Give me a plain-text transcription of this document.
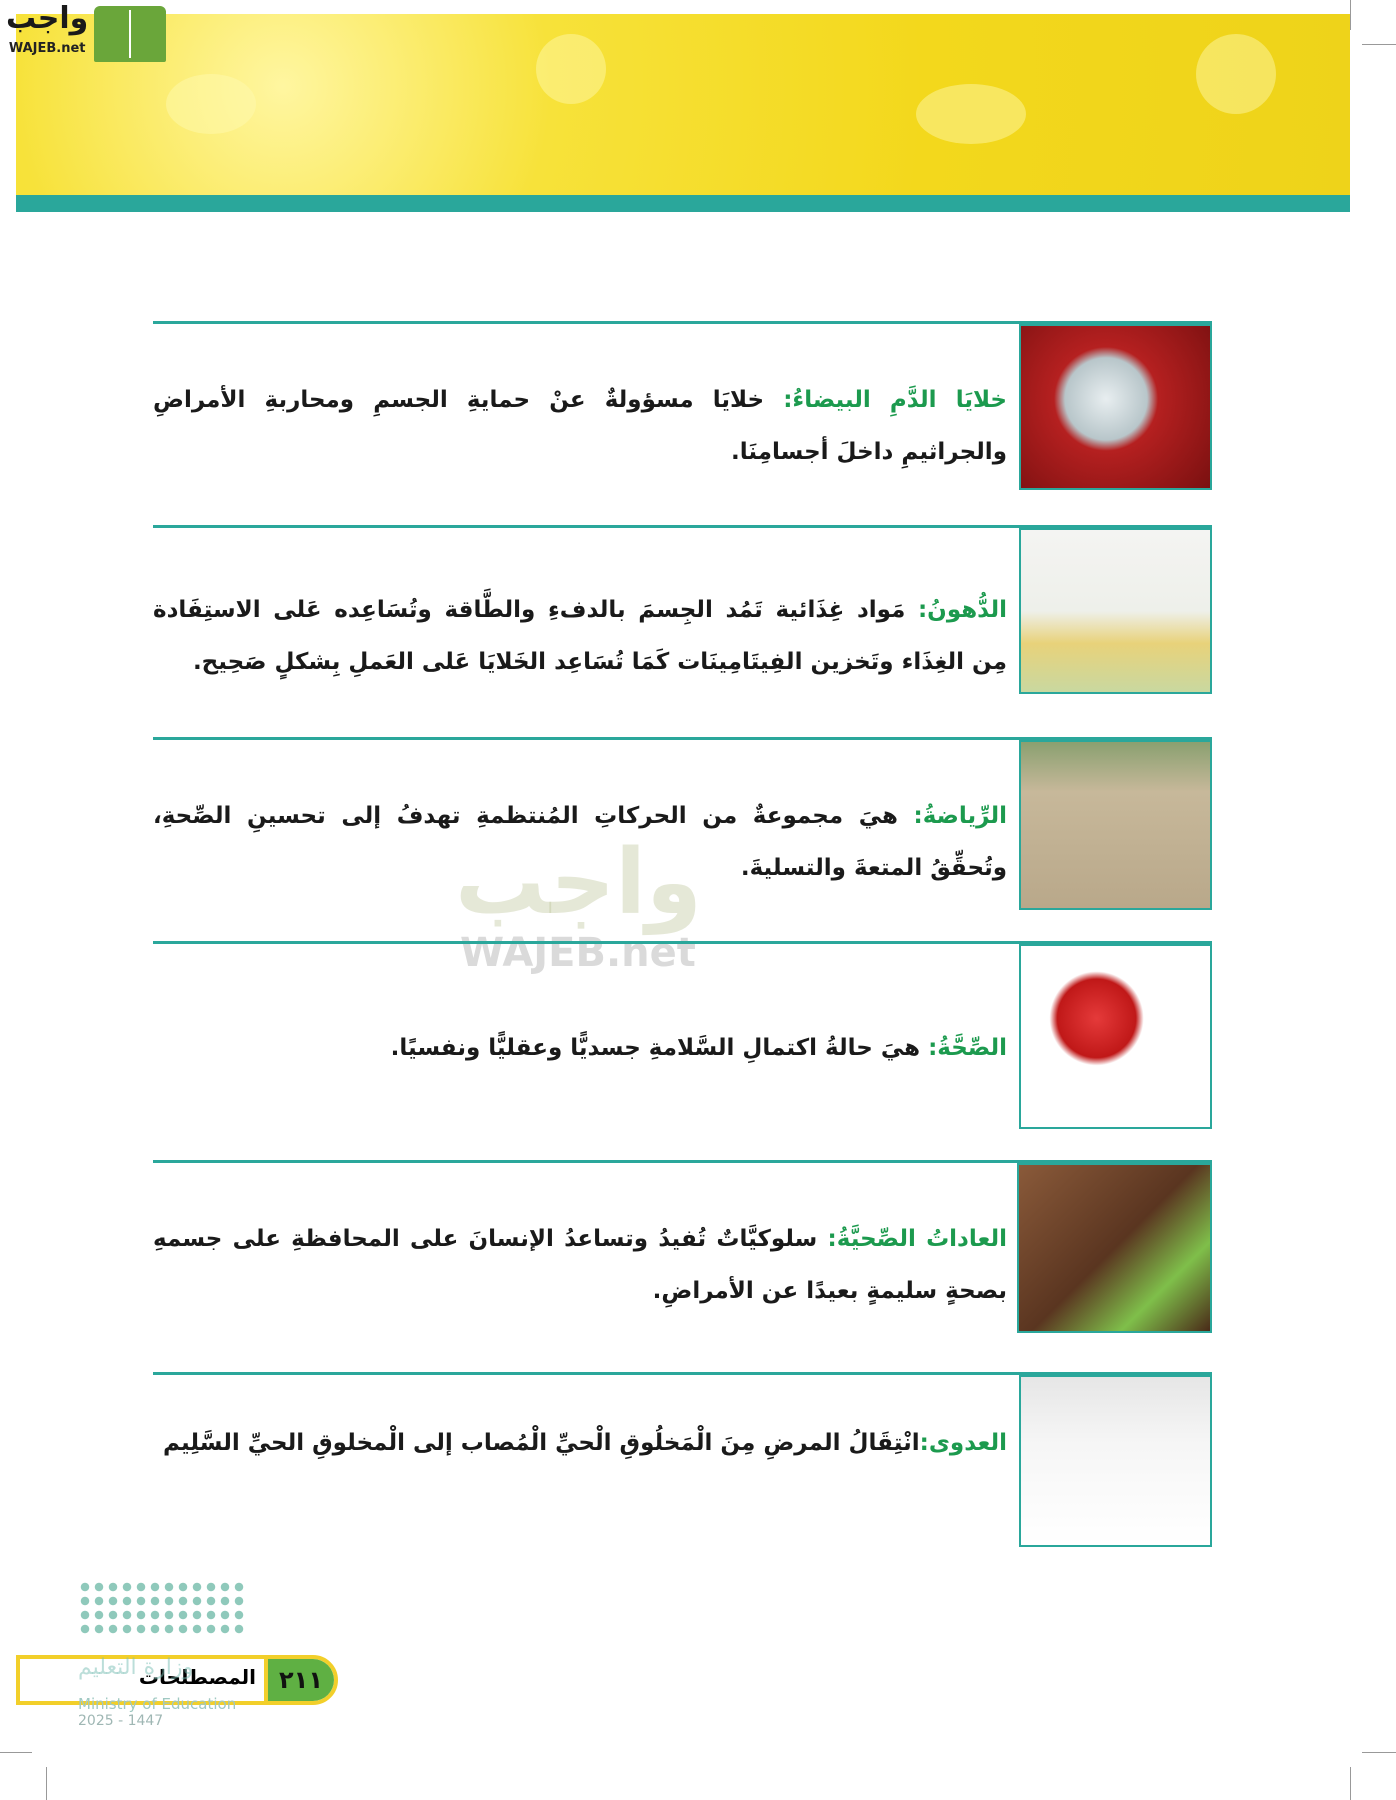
واجب
WAJEB.net
واجب
WAJEB.net
خلايَا الدَّمِ البيضاءُ: خلايَا مسؤولةٌ عنْ حمايةِ الجسمِ ومحاربةِ الأمراضِ والجراثيمِ داخلَ أجسامِنَا.
الدُّهونُ: مَواد غِذَائية تَمُد الجِسمَ بالدفءِ والطَّاقة وتُسَاعِده عَلى الاستِفَادة مِن الغِذَاء وتَخزين الفِيتَامِينَات كَمَا تُسَاعِد الخَلايَا عَلى العَملِ بِشكلٍ صَحِيح.
الرِّياضةُ: هيَ مجموعةٌ من الحركاتِ المُنتظمةِ تهدفُ إلى تحسينِ الصِّحةِ، وتُحقِّقُ المتعةَ والتسليةَ.
الصِّحَّةُ: هيَ حالةُ اكتمالِ السَّلامةِ جسديًّا وعقليًّا ونفسيًا.
العاداتُ الصِّحيَّةُ: سلوكيَّاتٌ تُفيدُ وتساعدُ الإنسانَ على المحافظةِ على جسمهِ بصحةٍ سليمةٍ بعيدًا عن الأمراضِ.
العدوى:انْتِقَالُ المرضِ مِنَ الْمَخلُوقِ الْحيِّ الْمُصاب إلى الْمخلوقِ الحيِّ السَّلِيم
المصطلحات ٢١١
وزارة التعليم
Ministry of Education
2025 - 1447
